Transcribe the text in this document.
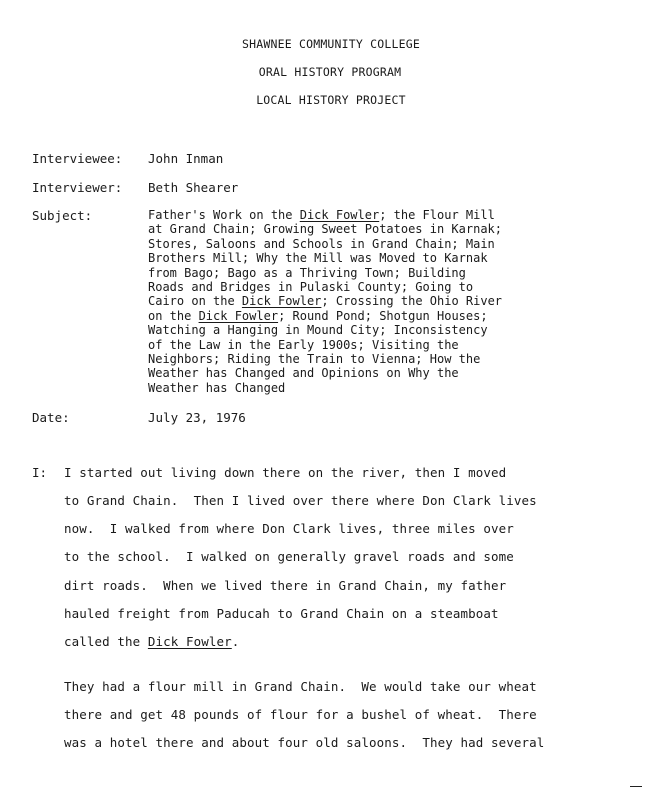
SHAWNEE COMMUNITY COLLEGE
ORAL HISTORY PROGRAM
LOCAL HISTORY PROJECT
Interviewee: John Inman
Interviewer: Beth Shearer
Subject:	Father's Work on the Dick Fowler; the Flour Mill
at Grand Chain; Growing Sweet Potatoes in Karnak;
Stores, Saloons and Schools in Grand Chain; Main
Brothers Mill; Why the Mill was Moved to Karnak
from Bago; Bago as a Thriving Town; Building
Roads and Bridges in Pulaski County; Going to
Cairo on the Dick Fowler; Crossing the Ohio River
on the Dick Fowler; Round Pond; Shotgun Houses;
Watching a Hanging in Mound City; Inconsistency
of the Law in the Early 1900s; Visiting the
Neighbors; Riding the Train to Vienna; How the
Weather has Changed and Opinions on Why the
Weather has Changed
Date:	July 23, 1976
I: I started out living down there on the river, then I moved
to Grand Chain.  Then I lived over there where Don Clark lives
now.  I walked from where Don Clark lives, three miles over
to the school.  I walked on generally gravel roads and some
dirt roads.  When we lived there in Grand Chain, my father
hauled freight from Paducah to Grand Chain on a steamboat
called the Dick Fowler.
They had a flour mill in Grand Chain.  We would take our wheat
there and get 48 pounds of flour for a bushel of wheat.  There
was a hotel there and about four old saloons.  They had several
